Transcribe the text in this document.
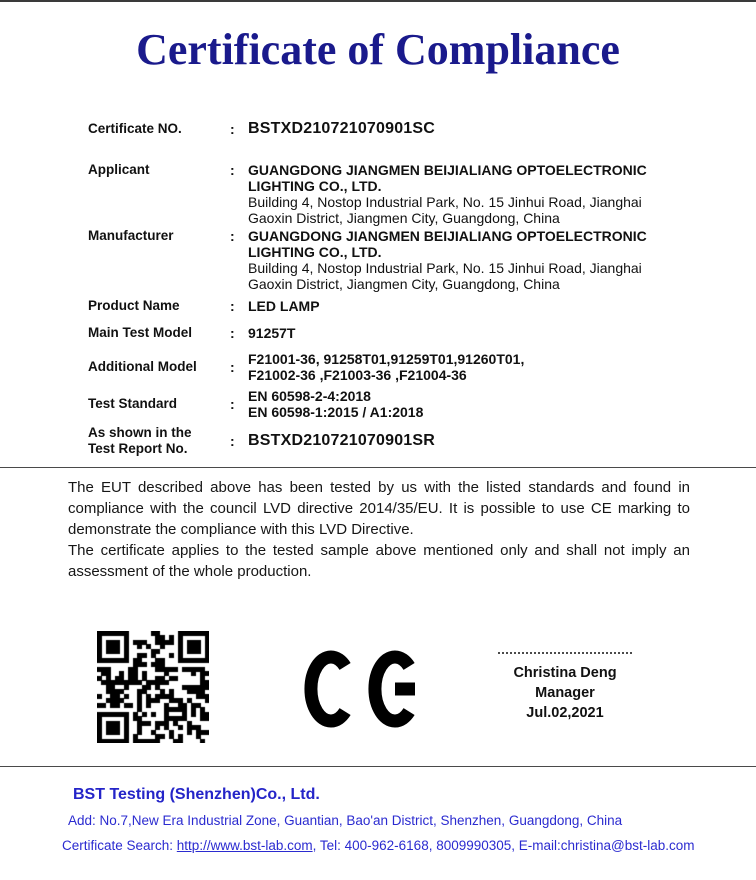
Certificate of Compliance
Certificate NO.	: BSTXD210721070901SC
Applicant	: GUANGDONG JIANGMEN BEIJIALIANG OPTOELECTRONIC
LIGHTING CO., LTD.
Building 4, Nostop Industrial Park, No. 15 Jinhui Road, Jianghai
Gaoxin District, Jiangmen City, Guangdong, China
Manufacturer	: GUANGDONG JIANGMEN BEIJIALIANG OPTOELECTRONIC
LIGHTING CO., LTD.
Building 4, Nostop Industrial Park, No. 15 Jinhui Road, Jianghai
Gaoxin District, Jiangmen City, Guangdong, China
Product Name	: LED LAMP
Main Test Model	: 91257T
Additional Model	: F21001-36, 91258T01,91259T01,91260T01,
F21002-36 ,F21003-36 ,F21004-36
Test Standard	: EN 60598-2-4:2018
EN 60598-1:2015 / A1:2018
As shown in the
Test Report No.	: BSTXD210721070901SR

The EUT described above has been tested by us with the listed standards and found in compliance with the council LVD directive 2014/35/EU. It is possible to use CE marking to demonstrate the compliance with this LVD Directive.

The certificate applies to the tested sample above mentioned only and shall not imply an assessment of the whole production.

Christina Deng
Manager
Jul.02,2021
BST Testing (Shenzhen)Co., Ltd.
Add: No.7,New Era Industrial Zone, Guantian, Bao'an District, Shenzhen, Guangdong, China
Certificate Search: http://www.bst-lab.com, Tel: 400-962-6168, 8009990305, E-mail:christina@bst-lab.com
